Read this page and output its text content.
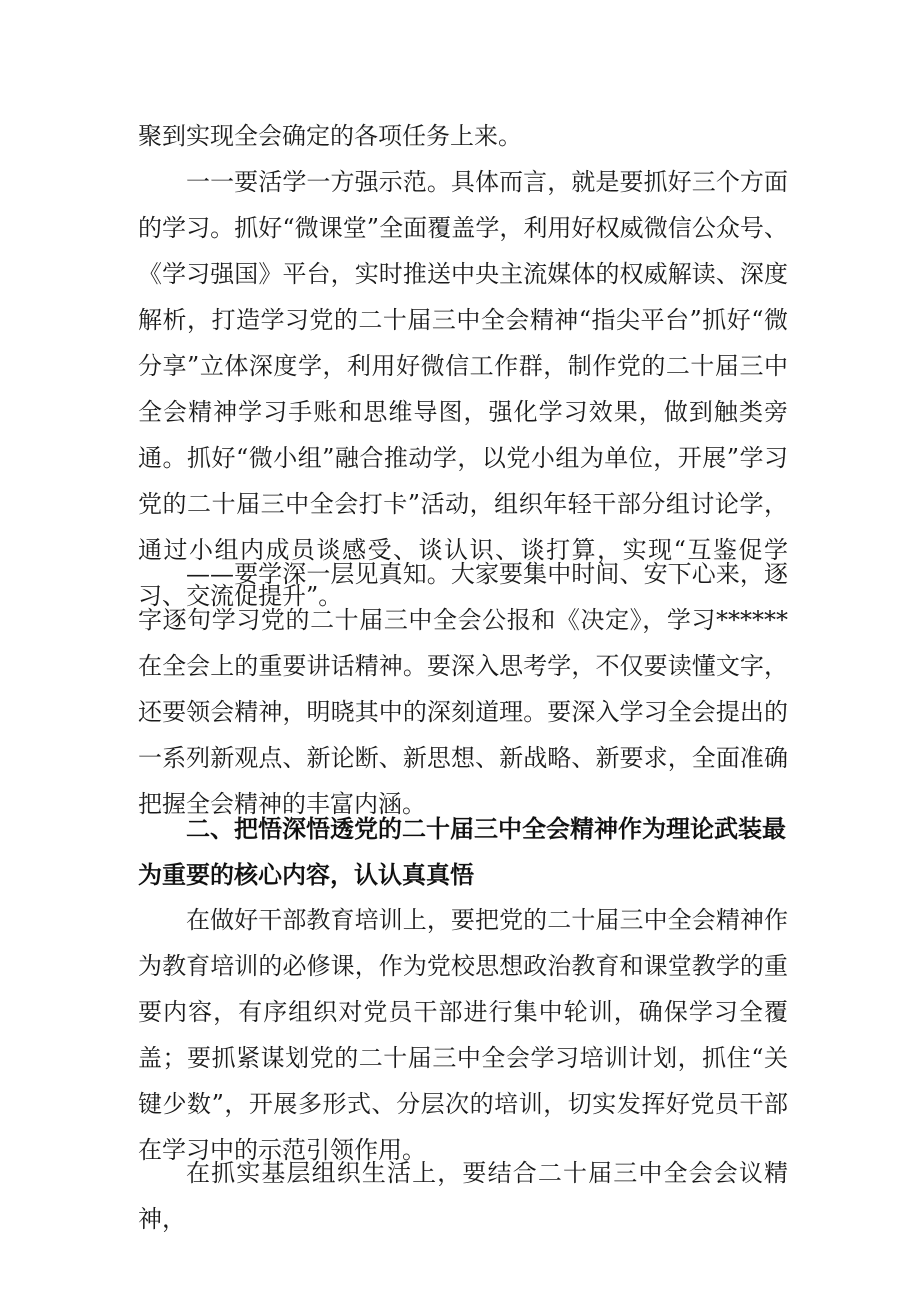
聚到实现全会确定的各项任务上来。

一一要活学一方强示范。具体而言，就是要抓好三个方面的学习。抓好“微课堂”全面覆盖学，利用好权威微信公众号、《学习强国》平台，实时推送中央主流媒体的权威解读、深度解析，打造学习党的二十届三中全会精神“指尖平台”抓好“微分享”立体深度学，利用好微信工作群，制作党的二十届三中全会精神学习手账和思维导图，强化学习效果，做到触类旁通。抓好“微小组”融合推动学，以党小组为单位，开展”学习党的二十届三中全会打卡”活动，组织年轻干部分组讨论学，通过小组内成员谈感受、谈认识、谈打算，实现“互鉴促学习、交流促提升”。

——要学深一层见真知。大家要集中时间、安下心来，逐字逐句学习党的二十届三中全会公报和《决定》，学习******在全会上的重要讲话精神。要深入思考学，不仅要读懂文字，还要领会精神，明晓其中的深刻道理。要深入学习全会提出的一系列新观点、新论断、新思想、新战略、新要求，全面准确把握全会精神的丰富内涵。

二、把悟深悟透党的二十届三中全会精神作为理论武装最为重要的核心内容，认认真真悟

在做好干部教育培训上，要把党的二十届三中全会精神作为教育培训的必修课，作为党校思想政治教育和课堂教学的重要内容，有序组织对党员干部进行集中轮训，确保学习全覆盖；要抓紧谋划党的二十届三中全会学习培训计划，抓住“关键少数”，开展多形式、分层次的培训，切实发挥好党员干部在学习中的示范引领作用。

在抓实基层组织生活上，要结合二十届三中全会会议精神，
